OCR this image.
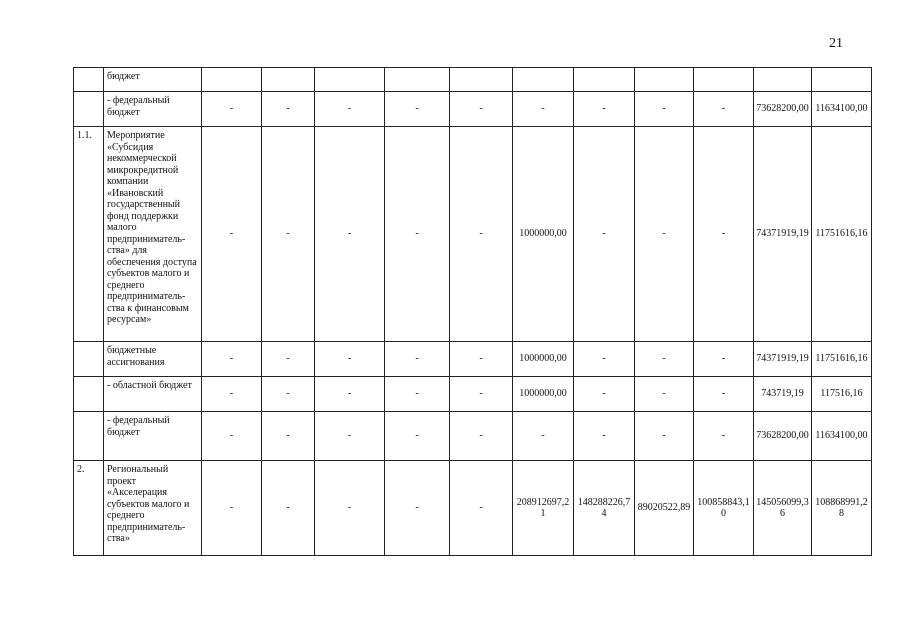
21
	бюджет											
	- федеральный бюджет	-	-	-	-	-	-	-	-	-	73628200,00	11634100,00
1.1.	Мероприятие «Субсидия некоммерческой микрокредитной компании «Ивановский государственный фонд поддержки малого предприниматель-ства» для обеспечения доступа субъектов малого и среднего предприниматель-ства к финансовым ресурсам»	-	-	-	-	-	1000000,00	-	-	-	74371919,19	11751616,16
	бюджетные ассигнования	-	-	-	-	-	1000000,00	-	-	-	74371919,19	11751616,16
	- областной бюджет	-	-	-	-	-	1000000,00	-	-	-	743719,19	117516,16
	- федеральный бюджет	-	-	-	-	-	-	-	-	-	73628200,00	11634100,00
2.	Региональный проект «Акселерация субъектов малого и среднего предприниматель-ства»	-	-	-	-	-	208912697,21	148288226,74	89020522,89	100858843,10	145056099,36	108868991,28
